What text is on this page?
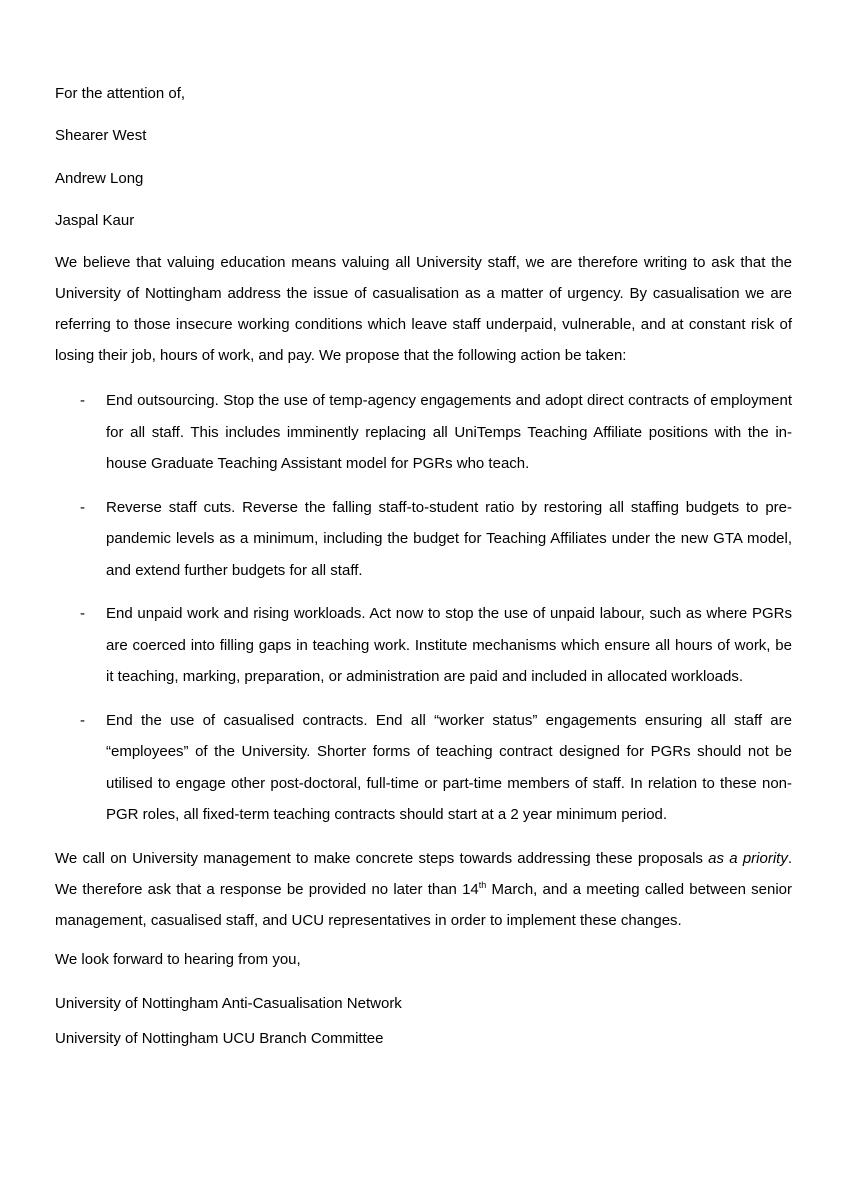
For the attention of,

Shearer West

Andrew Long

Jaspal Kaur

We believe that valuing education means valuing all University staff, we are therefore writing to ask that the University of Nottingham address the issue of casualisation as a matter of urgency. By casualisation we are referring to those insecure working conditions which leave staff underpaid, vulnerable, and at constant risk of losing their job, hours of work, and pay. We propose that the following action be taken:

- End outsourcing. Stop the use of temp-agency engagements and adopt direct contracts of employment for all staff. This includes imminently replacing all UniTemps Teaching Affiliate positions with the in-house Graduate Teaching Assistant model for PGRs who teach.
- Reverse staff cuts. Reverse the falling staff-to-student ratio by restoring all staffing budgets to pre-pandemic levels as a minimum, including the budget for Teaching Affiliates under the new GTA model, and extend further budgets for all staff.
- End unpaid work and rising workloads. Act now to stop the use of unpaid labour, such as where PGRs are coerced into filling gaps in teaching work. Institute mechanisms which ensure all hours of work, be it teaching, marking, preparation, or administration are paid and included in allocated workloads.
- End the use of casualised contracts. End all “worker status” engagements ensuring all staff are “employees” of the University. Shorter forms of teaching contract designed for PGRs should not be utilised to engage other post-doctoral, full-time or part-time members of staff. In relation to these non-PGR roles, all fixed-term teaching contracts should start at a 2 year minimum period.

We call on University management to make concrete steps towards addressing these proposals as a priority. We therefore ask that a response be provided no later than 14th March, and a meeting called between senior management, casualised staff, and UCU representatives in order to implement these changes.

We look forward to hearing from you,

University of Nottingham Anti-Casualisation Network

University of Nottingham UCU Branch Committee
